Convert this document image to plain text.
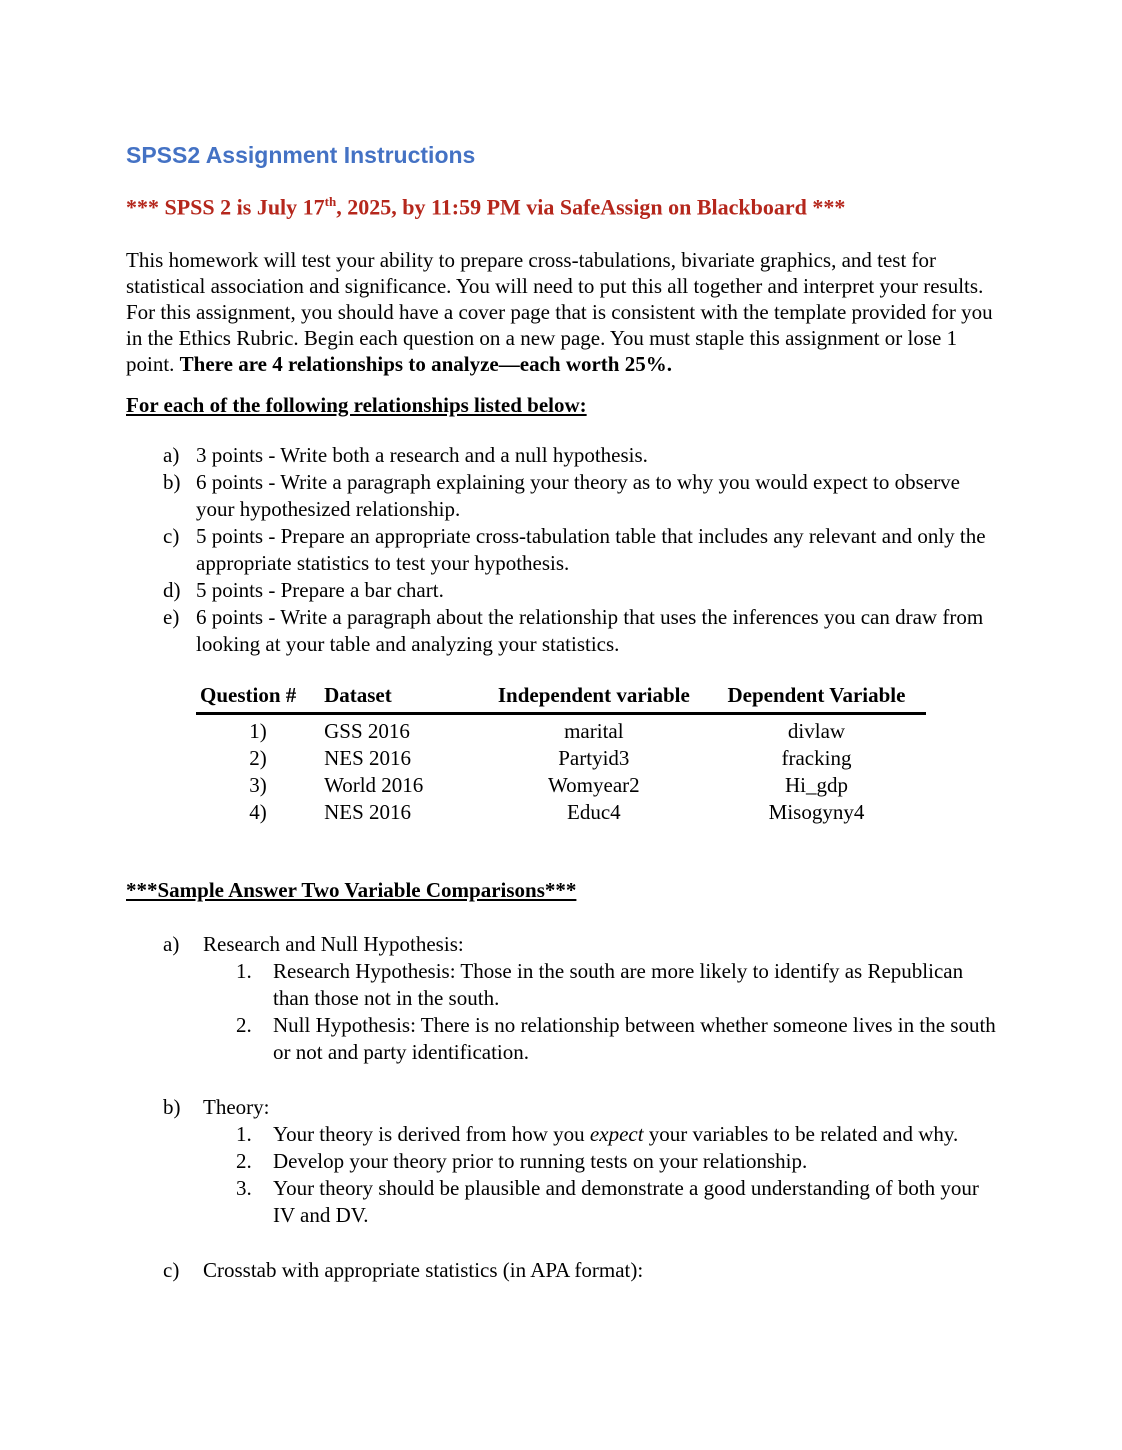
SPSS2 Assignment Instructions
*** SPSS 2 is July 17th, 2025, by 11:59 PM via SafeAssign on Blackboard ***

This homework will test your ability to prepare cross-tabulations, bivariate graphics, and test for statistical association and significance. You will need to put this all together and interpret your results. For this assignment, you should have a cover page that is consistent with the template provided for you in the Ethics Rubric. Begin each question on a new page. You must staple this assignment or lose 1 point. There are 4 relationships to analyze—each worth 25%.

For each of the following relationships listed below:
a) 3 points - Write both a research and a null hypothesis.
b) 6 points - Write a paragraph explaining your theory as to why you would expect to observe your hypothesized relationship.
c) 5 points - Prepare an appropriate cross-tabulation table that includes any relevant and only the appropriate statistics to test your hypothesis.
d) 5 points - Prepare a bar chart.
e) 6 points - Write a paragraph about the relationship that uses the inferences you can draw from looking at your table and analyzing your statistics.
Question #	Dataset	Independent variable	Dependent Variable
1)	GSS 2016	marital	divlaw
2)	NES 2016	Partyid3	fracking
3)	World 2016	Womyear2	Hi_gdp
4)	NES 2016	Educ4	Misogyny4
***Sample Answer Two Variable Comparisons***
a)	Research and Null Hypothesis:
1.	Research Hypothesis: Those in the south are more likely to identify as Republican than those not in the south.
2.	Null Hypothesis: There is no relationship between whether someone lives in the south or not and party identification.
b)	Theory:
1.	Your theory is derived from how you expect your variables to be related and why.
2.	Develop your theory prior to running tests on your relationship.
3.	Your theory should be plausible and demonstrate a good understanding of both your IV and DV.
c)	Crosstab with appropriate statistics (in APA format):
